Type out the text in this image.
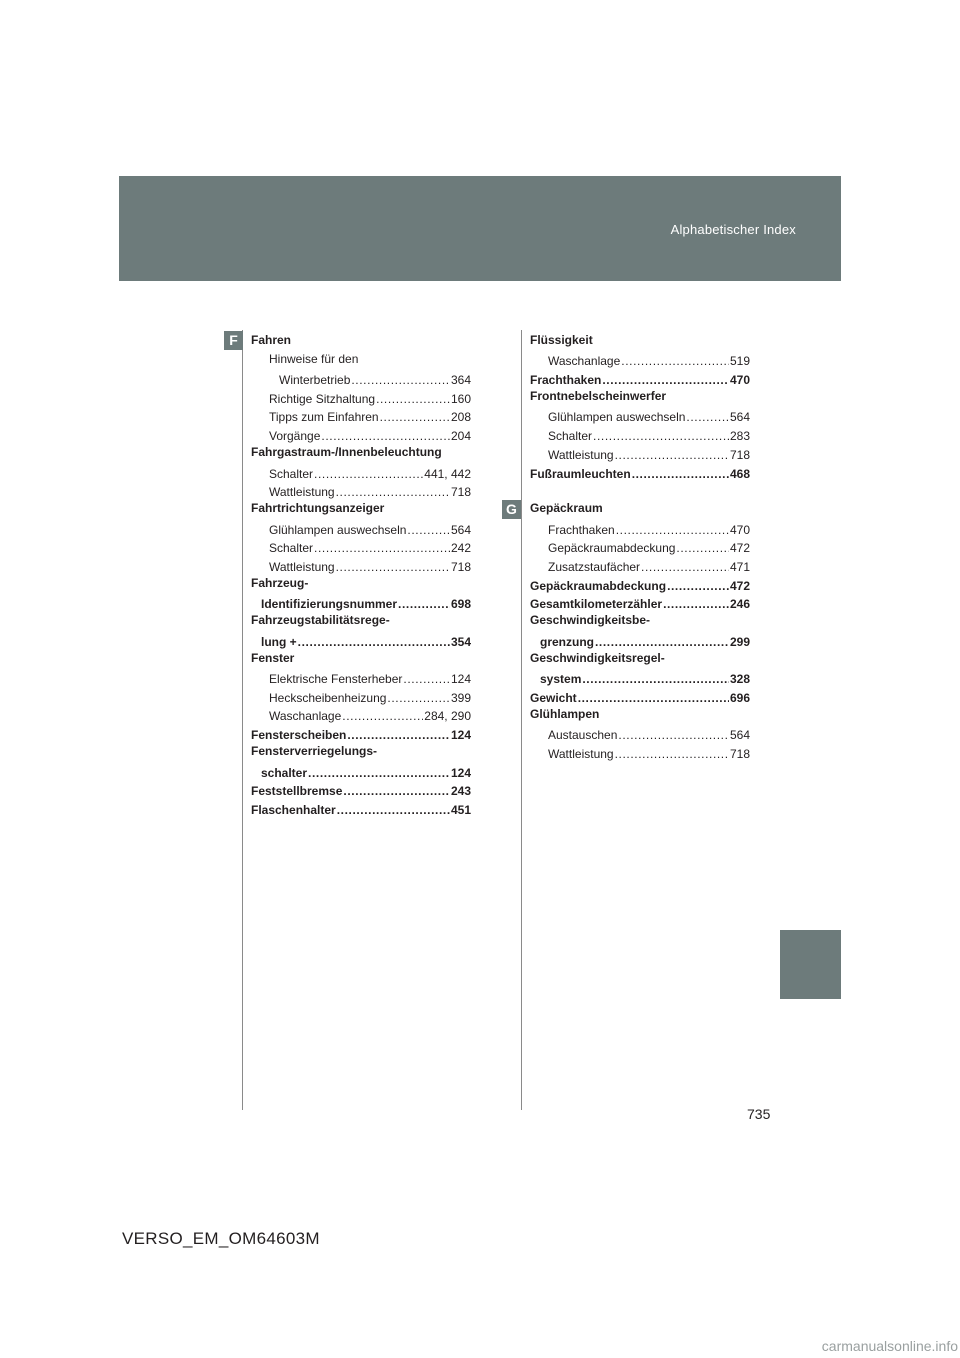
Alphabetischer Index
F
G
Fahren
Hinweise für den
Winterbetrieb .....	364
Richtige Sitzhaltung .....	160
Tipps zum Einfahren .....	208
Vorgänge .....	204
Fahrgastraum-/Innenbeleuchtung
Schalter .....	441, 442
Wattleistung .....	718
Fahrtrichtungsanzeiger
Glühlampen auswechseln .....	564
Schalter .....	242
Wattleistung .....	718
Fahrzeug-
Identifizierungsnummer .....	698
Fahrzeugstabilitätsrege-
lung + .....	354
Fenster
Elektrische Fensterheber .....	124
Heckscheibenheizung .....	399
Waschanlage .....	284, 290
Fensterscheiben .....	124
Fensterverriegelungs-
schalter .....	124
Feststellbremse .....	243
Flaschenhalter .....	451
Flüssigkeit
Waschanlage .....	519
Frachthaken .....	470
Frontnebelscheinwerfer
Glühlampen auswechseln .....	564
Schalter .....	283
Wattleistung .....	718
Fußraumleuchten .....	468
Gepäckraum
Frachthaken .....	470
Gepäckraumabdeckung .....	472
Zusatzstaufächer .....	471
Gepäckraumabdeckung .....	472
Gesamtkilometerzähler .....	246
Geschwindigkeitsbe-
grenzung .....	299
Geschwindigkeitsregel-
system .....	328
Gewicht .....	696
Glühlampen
Austauschen .....	564
Wattleistung .....	718
735
VERSO_EM_OM64603M
carmanualsonline.info
